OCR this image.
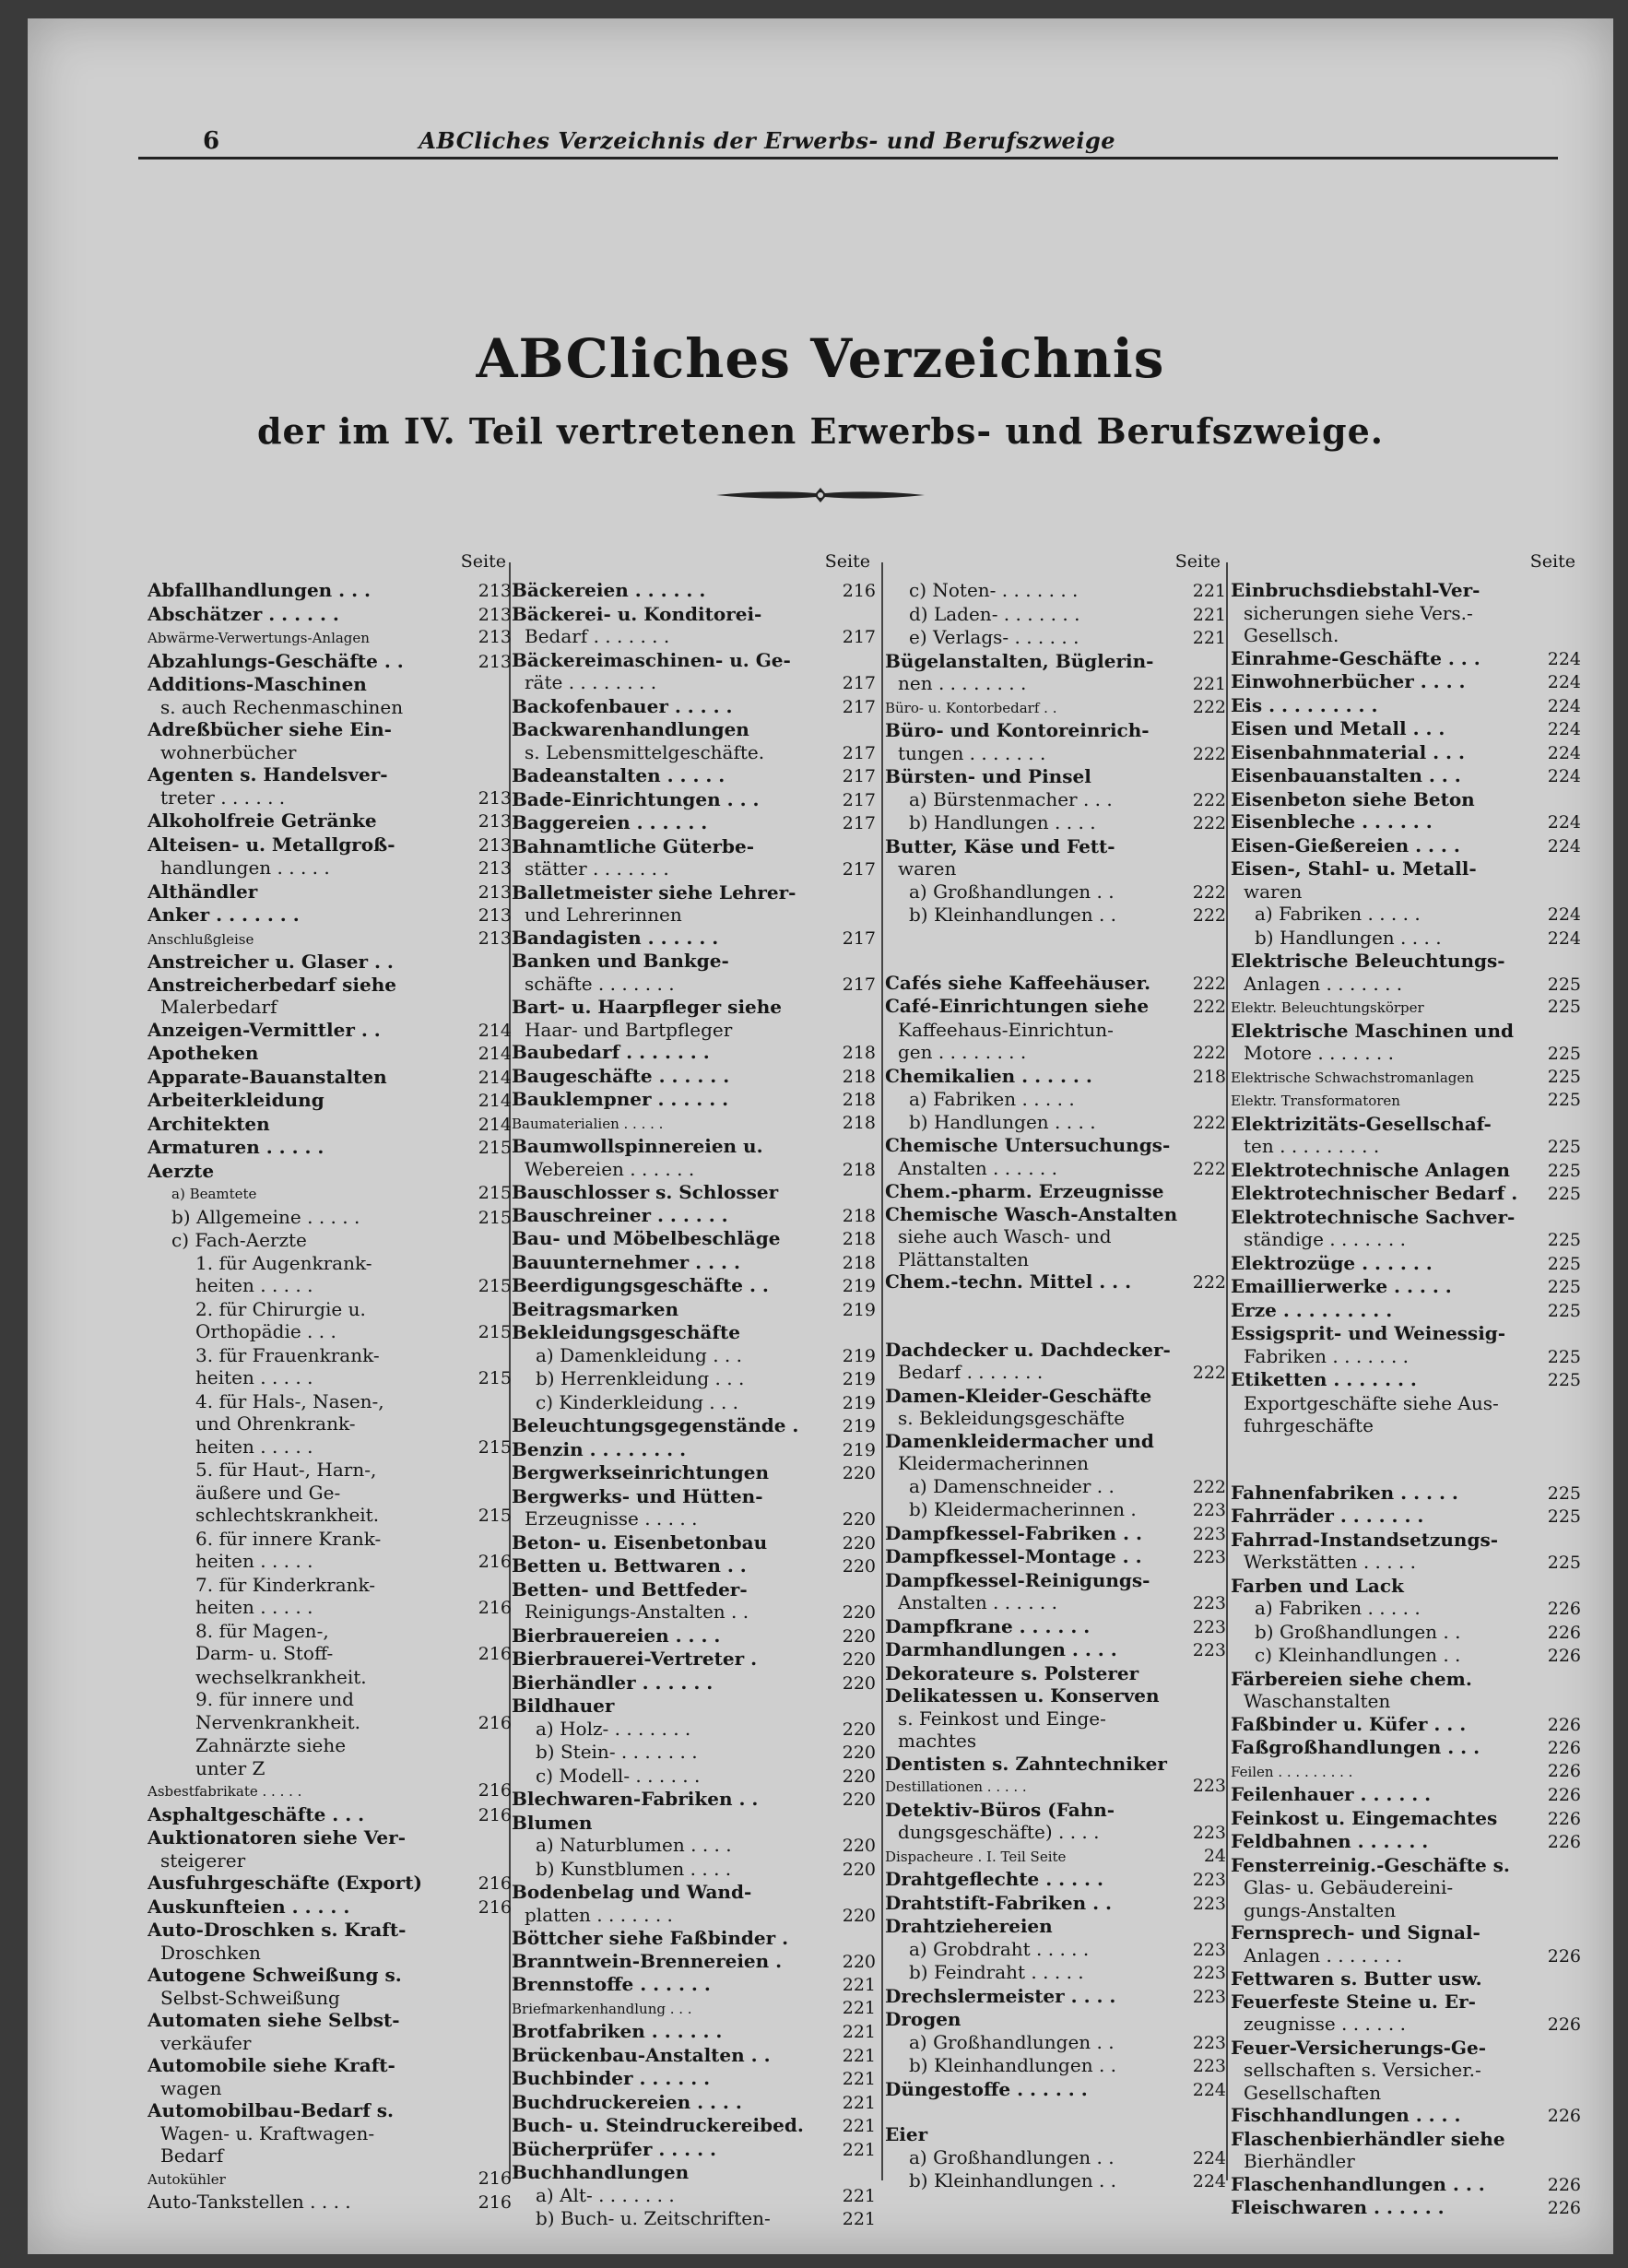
6	ABCliches Verzeichnis der Erwerbs- und Berufszweige
ABCliches Verzeichnis
der im IV. Teil vertretenen Erwerbs- und Berufszweige.
Seite
Abfallhandlungen . . .	213
Abschätzer . . . . . .	213
Abwärme-Verwertungs-Anlagen	213
Abzahlungs-Geschäfte . .	213
Additions-Maschinen
s. auch Rechenmaschinen
Adreßbücher siehe Ein-
wohnerbücher
Agenten s. Handelsver-
treter . . . . . .	213
Alkoholfreie Getränke	213
Alteisen- u. Metallgroß-	213
handlungen . . . . .	213
Althändler	213
Anker . . . . . . .	213
Anschlußgleise	213
Anstreicher u. Glaser . .
Anstreicherbedarf siehe
Malerbedarf
Anzeigen-Vermittler . .	214
Apotheken	214
Apparate-Bauanstalten	214
Arbeiterkleidung	214
Architekten	214
Armaturen . . . . .	215
Aerzte
a) Beamtete	215
b) Allgemeine . . . . .	215
c) Fach-Aerzte
1. für Augenkrank-
heiten . . . . .	215
2. für Chirurgie u.
Orthopädie . . .	215
3. für Frauenkrank-
heiten . . . . .	215
4. für Hals-, Nasen-,
und Ohrenkrank-
heiten . . . . .	215
5. für Haut-, Harn-,
äußere und Ge-
schlechtskrankheit.	215
6. für innere Krank-
heiten . . . . .	216
7. für Kinderkrank-
heiten . . . . .	216
8. für Magen-,
Darm- u. Stoff-	216
wechselkrankheit.
9. für innere und
Nervenkrankheit.	216
Zahnärzte siehe
unter Z
Asbestfabrikate . . . . .	216
Asphaltgeschäfte . . .	216
Auktionatoren siehe Ver-
steigerer
Ausfuhrgeschäfte (Export)	216
Auskunfteien . . . . .	216
Auto-Droschken s. Kraft-
Droschken
Autogene Schweißung s.
Selbst-Schweißung
Automaten siehe Selbst-
verkäufer
Automobile siehe Kraft-
wagen
Automobilbau-Bedarf s.
Wagen- u. Kraftwagen-
Bedarf
Autokühler	216
Auto-Tankstellen . . . .	216
Seite
Bäckereien . . . . . .	216
Bäckerei- u. Konditorei-
Bedarf . . . . . . .	217
Bäckereimaschinen- u. Ge-
räte . . . . . . . .	217
Backofenbauer . . . . .	217
Backwarenhandlungen
s. Lebensmittelgeschäfte.	217
Badeanstalten . . . . .	217
Bade-Einrichtungen . . .	217
Baggereien . . . . . .	217
Bahnamtliche Güterbe-
stätter . . . . . . .	217
Balletmeister siehe Lehrer-
und Lehrerinnen
Bandagisten . . . . . .	217
Banken und Bankge-
schäfte . . . . . . .	217
Bart- u. Haarpfleger siehe
Haar- und Bartpfleger
Baubedarf . . . . . . .	218
Baugeschäfte . . . . . .	218
Bauklempner . . . . . .	218
Baumaterialien . . . . .	218
Baumwollspinnereien u.
Webereien . . . . . .	218
Bauschlosser s. Schlosser
Bauschreiner . . . . . .	218
Bau- und Möbelbeschläge	218
Bauunternehmer . . . .	218
Beerdigungsgeschäfte . .	219
Beitragsmarken	219
Bekleidungsgeschäfte
a) Damenkleidung . . .	219
b) Herrenkleidung . . .	219
c) Kinderkleidung . . .	219
Beleuchtungsgegenstände .	219
Benzin . . . . . . . .	219
Bergwerkseinrichtungen	220
Bergwerks- und Hütten-
Erzeugnisse . . . . .	220
Beton- u. Eisenbetonbau	220
Betten u. Bettwaren . .	220
Betten- und Bettfeder-
Reinigungs-Anstalten . .	220
Bierbrauereien . . . .	220
Bierbrauerei-Vertreter .	220
Bierhändler . . . . . .	220
Bildhauer
a) Holz- . . . . . . .	220
b) Stein- . . . . . . .	220
c) Modell- . . . . . .	220
Blechwaren-Fabriken . .	220
Blumen
a) Naturblumen . . . .	220
b) Kunstblumen . . . .	220
Bodenbelag und Wand-
platten . . . . . . .	220
Böttcher siehe Faßbinder .
Branntwein-Brennereien .	220
Brennstoffe . . . . . .	221
Briefmarkenhandlung . . .	221
Brotfabriken . . . . . .	221
Brückenbau-Anstalten . .	221
Buchbinder . . . . . .	221
Buchdruckereien . . . .	221
Buch- u. Steindruckereibed.	221
Bücherprüfer . . . . .	221
Buchhandlungen
a) Alt- . . . . . . .	221
b) Buch- u. Zeitschriften-	221
Seite
c) Noten- . . . . . . .	221
d) Laden- . . . . . . .	221
e) Verlags- . . . . . .	221
Bügelanstalten, Büglerin-
nen . . . . . . . .	221
Büro- u. Kontorbedarf . .	222
Büro- und Kontoreinrich-
tungen . . . . . . .	222
Bürsten- und Pinsel
a) Bürstenmacher . . .	222
b) Handlungen . . . .	222
Butter, Käse und Fett-
waren
a) Großhandlungen . .	222
b) Kleinhandlungen . .	222
Cafés siehe Kaffeehäuser.	222
Café-Einrichtungen siehe	222
Kaffeehaus-Einrichtun-
gen . . . . . . . .	222
Chemikalien . . . . . .	218
a) Fabriken . . . . .
b) Handlungen . . . .	222
Chemische Untersuchungs-
Anstalten . . . . . .	222
Chem.-pharm. Erzeugnisse
Chemische Wasch-Anstalten
siehe auch Wasch- und
Plättanstalten
Chem.-techn. Mittel . . .	222
Dachdecker u. Dachdecker-
Bedarf . . . . . . .	222
Damen-Kleider-Geschäfte
s. Bekleidungsgeschäfte
Damenkleidermacher und
Kleidermacherinnen
a) Damenschneider . .	222
b) Kleidermacherinnen .	223
Dampfkessel-Fabriken . .	223
Dampfkessel-Montage . .	223
Dampfkessel-Reinigungs-
Anstalten . . . . . .	223
Dampfkrane . . . . . .	223
Darmhandlungen . . . .	223
Dekorateure s. Polsterer
Delikatessen u. Konserven
s. Feinkost und Einge-
machtes
Dentisten s. Zahntechniker
Destillationen . . . . .	223
Detektiv-Büros (Fahn-
dungsgeschäfte) . . . .	223
Dispacheure . I. Teil Seite	24
Drahtgeflechte . . . . .	223
Drahtstift-Fabriken . .	223
Drahtziehereien
a) Grobdraht . . . . .	223
b) Feindraht . . . . .	223
Drechslermeister . . . .	223
Drogen
a) Großhandlungen . .	223
b) Kleinhandlungen . .	223
Düngestoffe . . . . . .	224
Eier
a) Großhandlungen . .	224
b) Kleinhandlungen . .	224
Seite
Einbruchsdiebstahl-Ver-
sicherungen siehe Vers.-
Gesellsch.
Einrahme-Geschäfte . . .	224
Einwohnerbücher . . . .	224
Eis . . . . . . . . .	224
Eisen und Metall . . .	224
Eisenbahnmaterial . . .	224
Eisenbauanstalten . . .	224
Eisenbeton siehe Beton
Eisenbleche . . . . . .	224
Eisen-Gießereien . . . .	224
Eisen-, Stahl- u. Metall-
waren
a) Fabriken . . . . .	224
b) Handlungen . . . .	224
Elektrische Beleuchtungs-
Anlagen . . . . . . .	225
Elektr. Beleuchtungskörper	225
Elektrische Maschinen und
Motore . . . . . . .	225
Elektrische Schwachstromanlagen	225
Elektr. Transformatoren	225
Elektrizitäts-Gesellschaf-
ten . . . . . . . . .	225
Elektrotechnische Anlagen	225
Elektrotechnischer Bedarf .	225
Elektrotechnische Sachver-
ständige . . . . . . .	225
Elektrozüge . . . . . .	225
Emaillierwerke . . . . .	225
Erze . . . . . . . . .	225
Essigsprit- und Weinessig-
Fabriken . . . . . . .	225
Etiketten . . . . . . .	225
Exportgeschäfte siehe Aus-
fuhrgeschäfte
Fahnenfabriken . . . . .	225
Fahrräder . . . . . . .	225
Fahrrad-Instandsetzungs-
Werkstätten . . . . .	225
Farben und Lack
a) Fabriken . . . . .	226
b) Großhandlungen . .	226
c) Kleinhandlungen . .	226
Färbereien siehe chem.
Waschanstalten
Faßbinder u. Küfer . . .	226
Faßgroßhandlungen . . .	226
Feilen . . . . . . . . .	226
Feilenhauer . . . . . .	226
Feinkost u. Eingemachtes	226
Feldbahnen . . . . . .	226
Fensterreinig.-Geschäfte s.
Glas- u. Gebäudereini-
gungs-Anstalten
Fernsprech- und Signal-
Anlagen . . . . . . .	226
Fettwaren s. Butter usw.
Feuerfeste Steine u. Er-
zeugnisse . . . . . .	226
Feuer-Versicherungs-Ge-
sellschaften s. Versicher.-
Gesellschaften
Fischhandlungen . . . .	226
Flaschenbierhändler siehe
Bierhändler
Flaschenhandlungen . . .	226
Fleischwaren . . . . . .	226
